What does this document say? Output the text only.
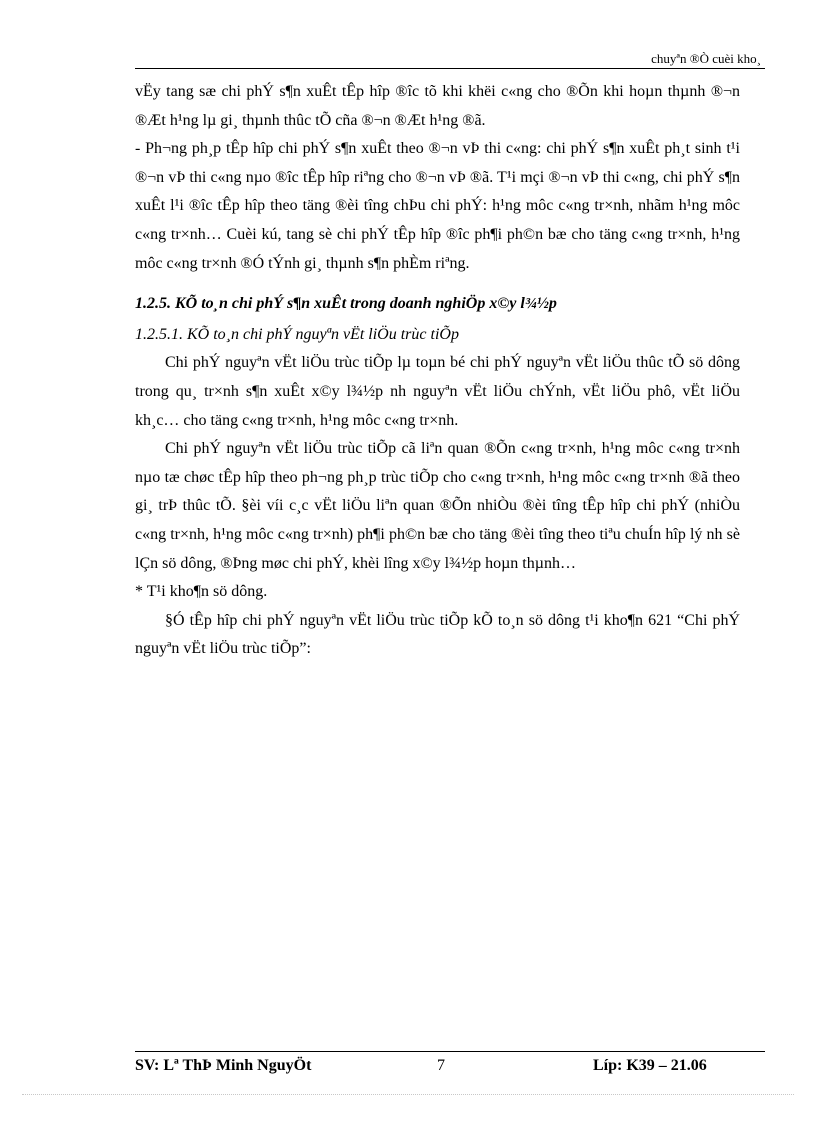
chuyªn ®Ò cuèi kho¸

vËy tang sæ chi phÝ s¶n xuÊt tÊp hîp ®îc tõ khi khëi c«ng cho ®Õn khi hoµn thµnh ®¬n ®Æt h¹ng lµ gi¸ thµnh thûc tÕ cña ®¬n ®Æt h¹ng ®ã.

- Ph¬ng ph¸p tÊp hîp chi phÝ s¶n xuÊt theo ®¬n vÞ thi c«ng: chi phÝ s¶n xuÊt ph¸t sinh t¹i ®¬n vÞ thi c«ng nµo ®îc tÊp hîp riªng cho ®¬n vÞ ®ã. T¹i mçi ®¬n vÞ thi c«ng, chi phÝ s¶n xuÊt l¹i ®îc tÊp hîp theo täng ®èi tîng chÞu chi phÝ: h¹ng môc c«ng tr×nh, nhãm h¹ng môc c«ng tr×nh… Cuèi kú, tang sè chi phÝ tÊp hîp ®îc ph¶i ph©n bæ cho täng c«ng tr×nh, h¹ng môc c«ng tr×nh ®Ó tÝnh gi¸ thµnh s¶n phÈm riªng.

1.2.5. KÕ to¸n chi phÝ s¶n xuÊt trong doanh nghiÖp x©y l¾½p

1.2.5.1. KÕ to¸n chi phÝ nguyªn vËt liÖu trùc tiÕp

Chi phÝ nguyªn vËt liÖu trùc tiÕp lµ toµn bé chi phÝ nguyªn vËt liÖu thûc tÕ sö dông trong qu¸ tr×nh s¶n xuÊt x©y l¾½p nh nguyªn vËt liÖu chÝnh, vËt liÖu phô, vËt liÖu kh¸c… cho täng c«ng tr×nh, h¹ng môc c«ng tr×nh.

Chi phÝ nguyªn vËt liÖu trùc tiÕp cã liªn quan ®Õn c«ng tr×nh, h¹ng môc c«ng tr×nh nµo tæ chøc tÊp hîp theo ph¬ng ph¸p trùc tiÕp cho c«ng tr×nh, h¹ng môc c«ng tr×nh ®ã theo gi¸ trÞ thûc tÕ. §èi víi c¸c vËt liÖu liªn quan ®Õn nhiÒu ®èi tîng tÊp hîp chi phÝ (nhiÒu c«ng tr×nh, h¹ng môc c«ng tr×nh) ph¶i ph©n bæ cho täng ®èi tîng theo tiªu chuÍn hîp lý nh sè lÇn sö dông, ®Þng møc chi phÝ, khèi lîng x©y l¾½p hoµn thµnh…

* T¹i kho¶n sö dông.

§Ó tÊp hîp chi phÝ nguyªn vËt liÖu trùc tiÕp kÕ to¸n sö dông t¹i kho¶n 621 “Chi phÝ nguyªn vËt liÖu trùc tiÕp”:

SV: Lª ThÞ Minh NguyÖt	7	Líp: K39 – 21.06
